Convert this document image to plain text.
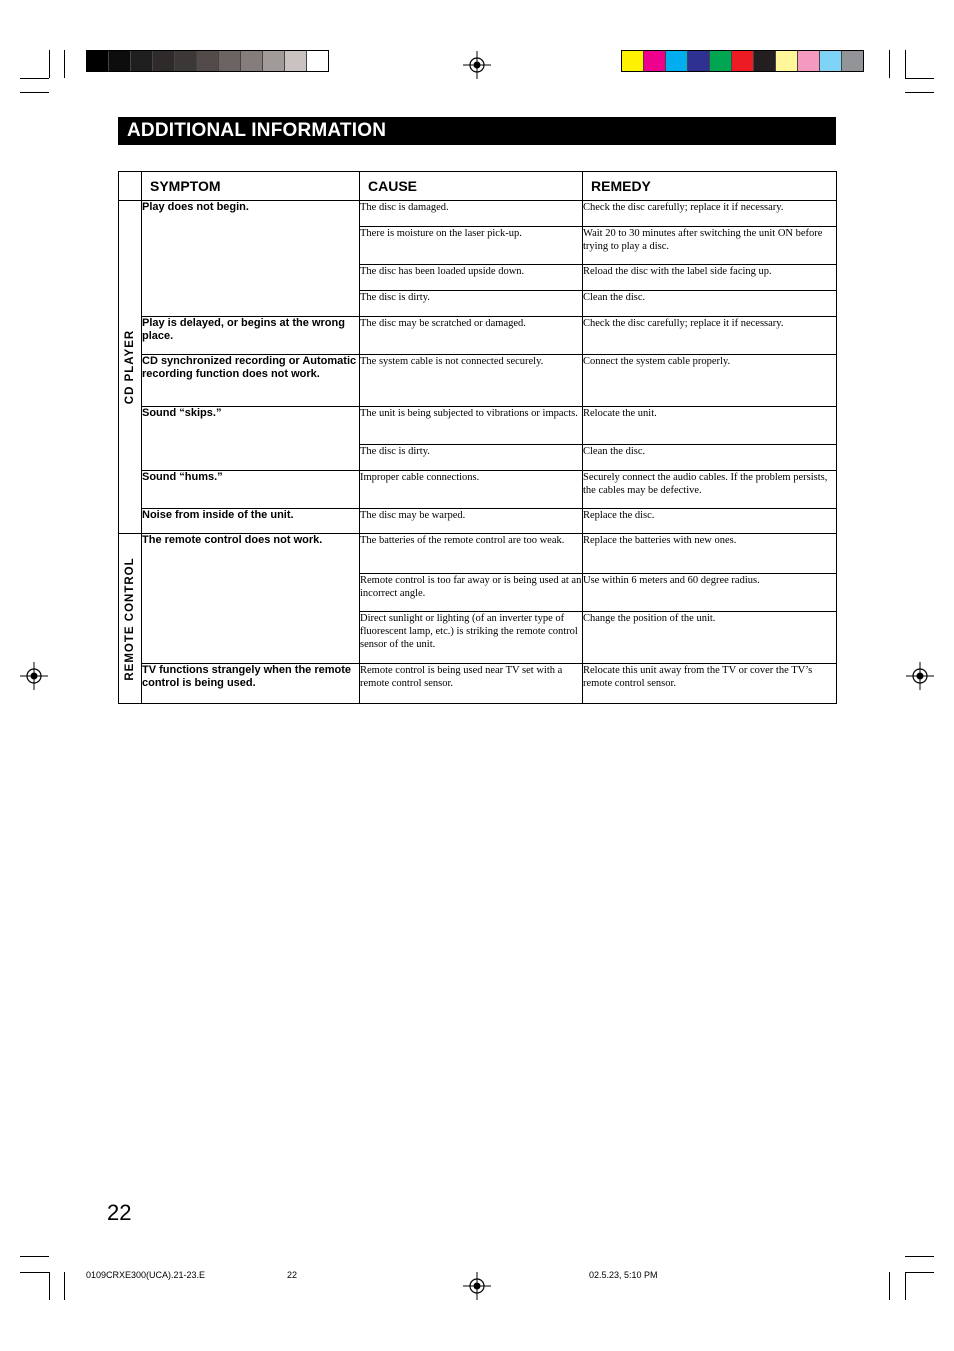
ADDITIONAL INFORMATION
	SYMPTOM	CAUSE	REMEDY

CD PLAYER	Play does not begin.	The disc is damaged.	Check the disc carefully; replace it if necessary.
		There is moisture on the laser pick-up.	Wait 20 to 30 minutes after switching the unit ON before trying to play a disc.
		The disc has been loaded upside down.	Reload the disc with the label side facing up.
		The disc is dirty.	Clean the disc.
	Play is delayed, or begins at the wrong place.	The disc may be scratched or damaged.	Check the disc carefully; replace it if necessary.
	CD synchronized recording or Automatic recording function does not work.	The system cable is not connected securely.	Connect the system cable properly.
	Sound “skips.”	The unit is being subjected to vibrations or impacts.	Relocate the unit.
		The disc is dirty.	Clean the disc.
	Sound “hums.”	Improper cable connections.	Securely connect the audio cables. If the problem persists, the cables may be defective.
	Noise from inside of the unit.	The disc may be warped.	Replace the disc.

REMOTE CONTROL	The remote control does not work.	The batteries of the remote control are too weak.	Replace the batteries with new ones.
		Remote control is too far away or is being used at an incorrect angle.	Use within 6 meters and 60 degree radius.
		Direct sunlight or lighting (of an inverter type of fluorescent lamp, etc.) is striking the remote control sensor of the unit.	Change the position of the unit.
	TV functions strangely when the remote control is being used.	Remote control is being used near TV set with a remote control sensor.	Relocate this unit away from the TV or cover the TV’s remote control sensor.
22
0109CRXE300(UCA).21-23.E	22	02.5.23, 5:10 PM
